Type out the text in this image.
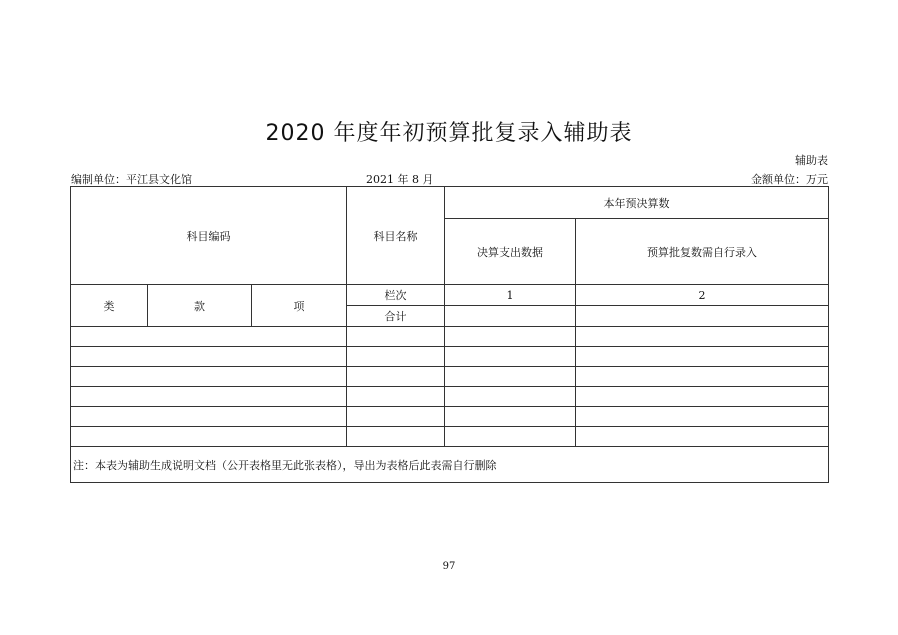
2020 年度年初预算批复录入辅助表
辅助表
编制单位：平江县文化馆	2021 年 8 月	金额单位：万元
科目编码			科目名称	本年预决算数	
				决算支出数据	预算批复数需自行录入
类	款	项	栏次	1	2
			合计		

注：本表为辅助生成说明文档（公开表格里无此张表格），导出为表格后此表需自行删除					
97
